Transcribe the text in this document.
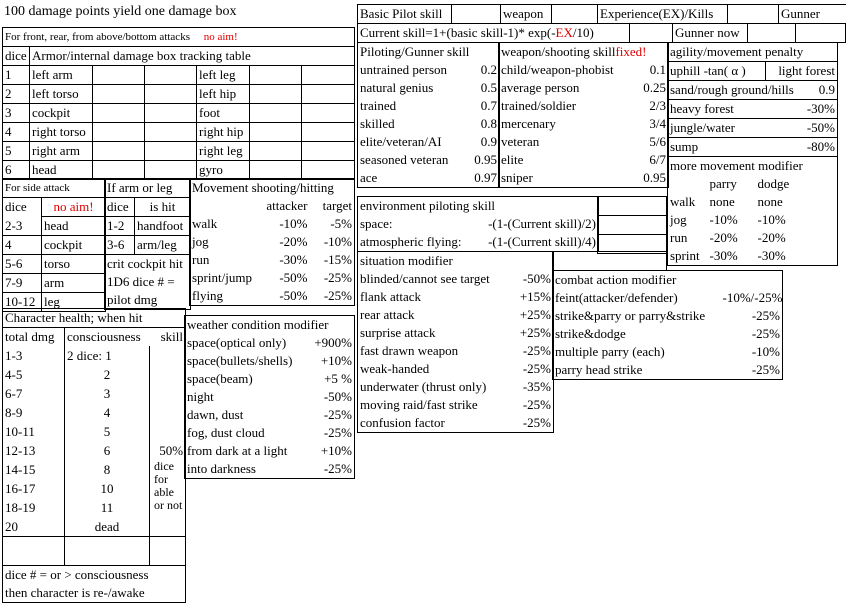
100 damage points yield one damage box
For front, rear, from above/bottom attacks no aim!						
dice	Armor/internal damage box tracking table					
1	left arm			left leg		
2	left torso			left hip		
3	cockpit			foot		
4	right torso			right hip		
5	right arm			right leg		
6	head			gyro		
For side attack	
dice	no aim!
2-3	head
4	cockpit
5-6	torso
7-9	arm
10-12	leg
If arm or leg	
dice	is hit
1-2	handfoot
3-6	arm/leg
crit cockpit hit	
1D6 dice # =	
pilot dmg	
Movement shooting/hitting		
	attacker	target
walk	-10%	-5%
jog	-20%	-10%
run	-30%	-15%
sprint/jump	-50%	-25%
flying	-50%	-25%
Character health; when hit		
total dmg	consciousness	skill
1-3	2 dice: 1	
4-5	2	
6-7	3	
8-9	4	
10-11	5	
12-13	6	50%
14-15	8	dice for able or not
16-17	10	
18-19	11	
20	dead	

dice # = or > consciousness		
then character is re-/awake		
weather condition modifier	
space(optical only)	+900%
space(bullets/shells)	+10%
space(beam)	+5 %
night	-50%
dawn, dust	-25%
fog, dust cloud	-25%
from dark at a light	+10%
into darkness	-25%
Basic Pilot skill		weapon		Experience(EX)/Kills		Gunner
Current skill=1+(basic skill-1)* exp(-EX/10)		Gunner now		
Piloting/Gunner skill	
untrained person	0.2
natural genius	0.5
trained	0.7
skilled	0.8
elite/veteran/AI	0.9
seasoned veteran	0.95
ace	0.97
weapon/shooting skillfixed!	
child/weapon-phobist	0.1
average person	0.25
trained/soldier	2/3
mercenary	3/4
veteran	5/6
elite	6/7
sniper	0.95
agility/movement penalty	
uphill -tan( α )	light forest
sand/rough ground/hills	0.9
heavy forest	-30%
jungle/water	-50%
sump	-80%
more movement modifier		
	parry	dodge
walk	none	none
jog	-10%	-10%
run	-20%	-20%
sprint	-30%	-30%
environment piloting skill	
space:	-(1-(Current skill)/2)
atmospheric flying:	-(1-(Current skill)/4)

situation modifier	
blinded/cannot see target	-50%
flank attack	+15%
rear attack	+25%
surprise attack	+25%
fast drawn weapon	-25%
weak-handed	-25%
underwater (thrust only)	-35%
moving raid/fast strike	-25%
confusion factor	-25%
combat action modifier	
feint(attacker/defender)	-10%/-25%
strike&parry or parry&strike	-25%
strike&dodge	-25%
multiple parry (each)	-10%
parry head strike	-25%
